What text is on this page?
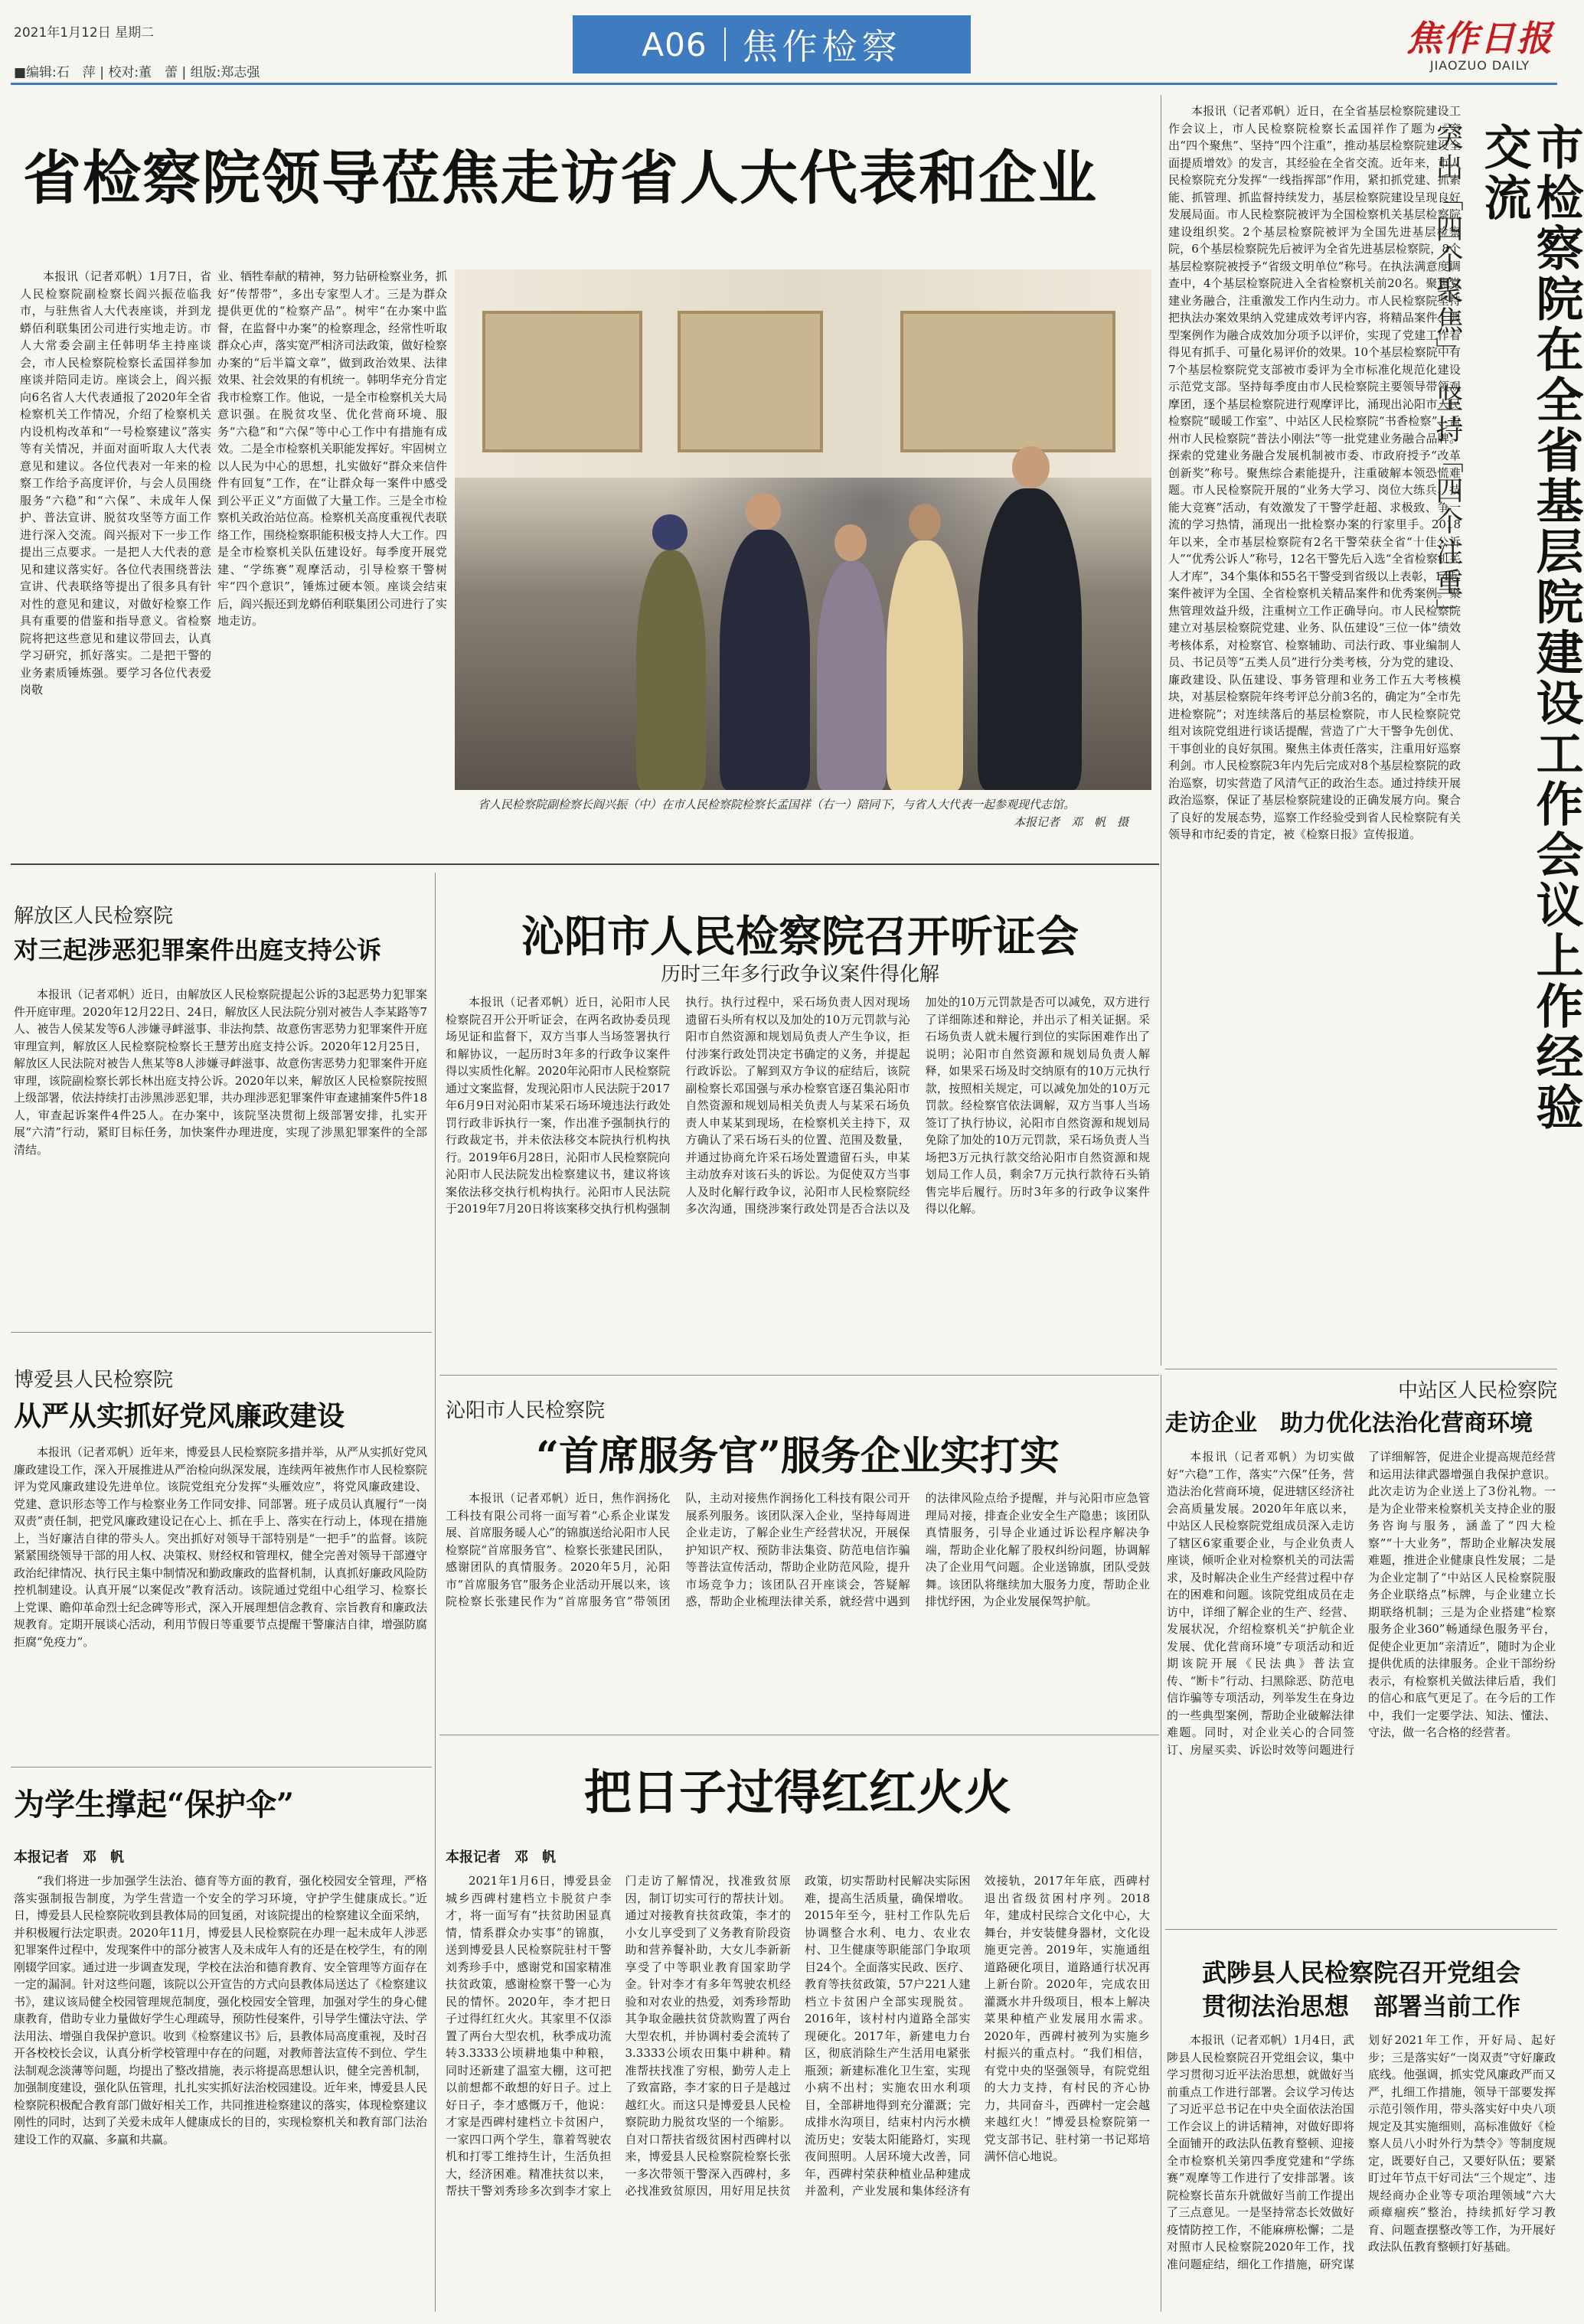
2021年1月12日 星期二
■编辑:石　萍 | 校对:董　蕾 | 组版:郑志强
A06 焦作检察	焦作日报
JIAOZUO DAILY
省检察院领导莅焦走访省人大代表和企业

本报讯（记者邓帆）1月7日，省人民检察院副检察长阎兴振莅临我市，与驻焦省人大代表座谈，并到龙蟒佰利联集团公司进行实地走访。市人大常委会副主任韩明华主持座谈会，市人民检察院检察长孟国祥参加座谈并陪同走访。座谈会上，阎兴振向6名省人大代表通报了2020年全省检察机关工作情况，介绍了检察机关内设机构改革和“一号检察建议”落实等有关情况，并面对面听取人大代表意见和建议。各位代表对一年来的检察工作给予高度评价，与会人员围绕服务“六稳”和“六保”、未成年人保护、普法宣讲、脱贫攻坚等方面工作进行深入交流。阎兴振对下一步工作提出三点要求。一是把人大代表的意见和建议落实好。各位代表围绕普法宣讲、代表联络等提出了很多具有针对性的意见和建议，对做好检察工作具有重要的借鉴和指导意义。省检察院将把这些意见和建议带回去，认真学习研究，抓好落实。二是把干警的业务素质锤炼强。要学习各位代表爱岗敬

业、牺牲奉献的精神，努力钻研检察业务，抓好“传帮带”，多出专家型人才。三是为群众提供更优的“检察产品”。树牢“在办案中监督，在监督中办案”的检察理念，经常性听取群众心声，落实宽严相济司法政策，做好检察办案的“后半篇文章”，做到政治效果、法律效果、社会效果的有机统一。韩明华充分肯定我市检察工作。他说，一是全市检察机关大局意识强。在脱贫攻坚、优化营商环境、服务“六稳”和“六保”等中心工作中有措施有成效。二是全市检察机关职能发挥好。牢固树立以人民为中心的思想，扎实做好“群众来信件件有回复”工作，在“让群众每一案件中感受到公平正义”方面做了大量工作。三是全市检察机关政治站位高。检察机关高度重视代表联络工作，围绕检察职能积极支持人大工作。四是全市检察机关队伍建设好。每季度开展党建、“学练赛”观摩活动，引导检察干警树牢“四个意识”，锤炼过硬本领。座谈会结束后，阎兴振还到龙蟒佰利联集团公司进行了实地走访。

省人民检察院副检察长阎兴振（中）在市人民检察院检察长孟国祥（右一）陪同下，与省人大代表一起参观现代志馆。
本报记者　邓　帆　摄

本报讯（记者邓帆）近日，在全省基层检察院建设工作会议上，市人民检察院检察长孟国祥作了题为《突出“四个聚焦”、坚持“四个注重”，推动基层检察院建设全面提质增效》的发言，其经验在全省交流。近年来，市人民检察院充分发挥“一线指挥部”作用，紧扣抓党建、抓素能、抓管理、抓监督持续发力，基层检察院建设呈现良好发展局面。市人民检察院被评为全国检察机关基层检察院建设组织奖。2个基层检察院被评为全国先进基层检察院，6个基层检察院先后被评为全省先进基层检察院，8个基层检察院被授予“省级文明单位”称号。在执法满意度调查中，4个基层检察院进入全省检察机关前20名。聚焦党建业务融合，注重激发工作内生动力。市人民检察院坚持把执法办案效果纳入党建成效考评内容，将精品案件、典型案例作为融合成效加分项予以评价，实现了党建工作看得见有抓手、可量化易评价的效果。10个基层检察院中有7个基层检察院党支部被市委评为全市标准化规范化建设示范党支部。坚持每季度由市人民检察院主要领导带领观摩团，逐个基层检察院进行观摩评比，涌现出沁阳市人民检察院“暖暖工作室”、中站区人民检察院“书香检察”、孟州市人民检察院“普法小刚法”等一批党建业务融合品牌。探索的党建业务融合发展机制被市委、市政府授予“改革创新奖”称号。聚焦综合素能提升，注重破解本领恐慌难题。市人民检察院开展的“业务大学习、岗位大练兵、技能大竞赛”活动，有效激发了干警学赶超、求极致、争一流的学习热情，涌现出一批检察办案的行家里手。2018年以来，全市基层检察院有2名干警荣获全省“十佳公诉人”“优秀公诉人”称号，12名干警先后入选“全省检察机关人才库”，34个集体和55名干警受到省级以上表彰，14起案件被评为全国、全省检察机关精品案件和优秀案例。聚焦管理效益升级，注重树立工作正确导向。市人民检察院建立对基层检察院党建、业务、队伍建设“三位一体”绩效考核体系，对检察官、检察辅助、司法行政、事业编制人员、书记员等“五类人员”进行分类考核，分为党的建设、廉政建设、队伍建设、事务管理和业务工作五大考核模块，对基层检察院年终考评总分前3名的，确定为“全市先进检察院”；对连续落后的基层检察院，市人民检察院党组对该院党组进行谈话提醒，营造了广大干警争先创优、干事创业的良好氛围。聚焦主体责任落实，注重用好巡察利剑。市人民检察院3年内先后完成对8个基层检察院的政治巡察，切实营造了风清气正的政治生态。通过持续开展政治巡察，保证了基层检察院建设的正确发展方向。聚合了良好的发展态势，巡察工作经验受到省人民检察院有关领导和市纪委的肯定，被《检察日报》宣传报道。	市检察院在全省基层院建设工作会议上作经验交流
突出「四个聚焦」　坚持「四个注重」
解放区人民检察院
对三起涉恶犯罪案件出庭支持公诉

本报讯（记者邓帆）近日，由解放区人民检察院提起公诉的3起恶势力犯罪案件开庭审理。2020年12月22日、24日，解放区人民法院分别对被告人李某路等7人、被告人侯某发等6人涉嫌寻衅滋事、非法拘禁、故意伤害恶势力犯罪案件开庭审理宣判，解放区人民检察院检察长王慧芳出庭支持公诉。2020年12月25日，解放区人民法院对被告人焦某等8人涉嫌寻衅滋事、故意伤害恶势力犯罪案件开庭审理，该院副检察长郭长林出庭支持公诉。2020年以来，解放区人民检察院按照上级部署，依法持续打击涉黑涉恶犯罪，共办理涉恶犯罪案件审查逮捕案件5件18人，审查起诉案件4件25人。在办案中，该院坚决贯彻上级部署安排，扎实开展“六清”行动，紧盯目标任务，加快案件办理进度，实现了涉黑犯罪案件的全部清结。

沁阳市人民检察院召开听证会
历时三年多行政争议案件得化解

本报讯（记者邓帆）近日，沁阳市人民检察院召开公开听证会，在两名政协委员现场见证和监督下，双方当事人当场签署执行和解协议，一起历时3年多的行政争议案件得以实质性化解。2020年沁阳市人民检察院通过文案监督，发现沁阳市人民法院于2017年6月9日对沁阳市某采石场环境违法行政处罚行政非诉执行一案，作出准予强制执行的行政裁定书，并未依法移交本院执行机构执行。2019年6月28日，沁阳市人民检察院向沁阳市人民法院发出检察建议书，建议将该案依法移交执行机构执行。沁阳市人民法院于2019年7月20日将该案移交执行机构强制执行。执行过程中，采石场负责人因对现场遗留石头所有权以及加处的10万元罚款与沁阳市自然资源和规划局负责人产生争议，拒付涉案行政处罚决定书确定的义务，并提起行政诉讼。了解到双方争议的症结后，该院副检察长邓国强与承办检察官逐召集沁阳市自然资源和规划局相关负责人与某采石场负责人申某某到现场，在检察机关主持下，双方确认了采石场石头的位置、范围及数量，并通过协商允许采石场处置遗留石头，申某主动放弃对该石头的诉讼。为促使双方当事人及时化解行政争议，沁阳市人民检察院经多次沟通，围绕涉案行政处罚是否合法以及加处的10万元罚款是否可以减免，双方进行了详细陈述和辩论，并出示了相关证据。采石场负责人就未履行到位的实际困难作出了说明；沁阳市自然资源和规划局负责人解释，如果采石场及时交纳原有的10万元执行款，按照相关规定，可以减免加处的10万元罚款。经检察官依法调解，双方当事人当场签订了执行协议，沁阳市自然资源和规划局免除了加处的10万元罚款，采石场负责人当场把3万元执行款交给沁阳市自然资源和规划局工作人员，剩余7万元执行款待石头销售完毕后履行。历时3年多的行政争议案件得以化解。

博爱县人民检察院
从严从实抓好党风廉政建设

本报讯（记者邓帆）近年来，博爱县人民检察院多措并举，从严从实抓好党风廉政建设工作，深入开展推进从严治检向纵深发展，连续两年被焦作市人民检察院评为党风廉政建设先进单位。该院党组充分发挥“头雁效应”，将党风廉政建设、党建、意识形态等工作与检察业务工作同安排、同部署。班子成员认真履行“一岗双责”责任制，把党风廉政建设记在心上、抓在手上、落实在行动上，体现在措施上，当好廉洁自律的带头人。突出抓好对领导干部特别是“一把手”的监督。该院紧紧围绕领导干部的用人权、决策权、财经权和管理权，健全完善对领导干部遵守政治纪律情况、执行民主集中制情况和勤政廉政的监督机制，认真抓好廉政风险防控机制建设。认真开展“以案促改”教育活动。该院通过党组中心组学习、检察长上党课、瞻仰革命烈士纪念碑等形式，深入开展理想信念教育、宗旨教育和廉政法规教育。定期开展谈心活动，利用节假日等重要节点提醒干警廉洁自律，增强防腐拒腐“免疫力”。

沁阳市人民检察院
“首席服务官”服务企业实打实

本报讯（记者邓帆）近日，焦作润扬化工科技有限公司将一面写着“心系企业谋发展、首席服务暖人心”的锦旗送给沁阳市人民检察院“首席服务官”、检察长张建民团队，感谢团队的真情服务。2020年5月，沁阳市“首席服务官”服务企业活动开展以来，该院检察长张建民作为“首席服务官”带领团队，主动对接焦作润扬化工科技有限公司开展系列服务。该团队深入企业，坚持每周进企业走访，了解企业生产经营状况，开展保护知识产权、预防非法集资、防范电信诈骗等普法宣传活动，帮助企业防范风险，提升市场竞争力；该团队召开座谈会，答疑解惑，帮助企业梳理法律关系，就经营中遇到的法律风险点给予提醒，并与沁阳市应急管理局对接，排查企业安全生产隐患；该团队真情服务，引导企业通过诉讼程序解决争端，帮助企业化解了股权纠纷问题，协调解决了企业用气问题。企业送锦旗，团队受鼓舞。该团队将继续加大服务力度，帮助企业排忧纾困，为企业发展保驾护航。

中站区人民检察院
走访企业　助力优化法治化营商环境

本报讯（记者邓帆）为切实做好“六稳”工作，落实“六保”任务，营造法治化营商环境，促进辖区经济社会高质量发展。2020年年底以来，中站区人民检察院党组成员深入走访了辖区6家重要企业，与企业负责人座谈，倾听企业对检察机关的司法需求，及时解决企业生产经营过程中存在的困难和问题。该院党组成员在走访中，详细了解企业的生产、经营、发展状况，介绍检察机关“护航企业发展、优化营商环境”专项活动和近期该院开展《民法典》普法宣传、“断卡”行动、扫黑除恶、防范电信诈骗等专项活动，列举发生在身边的一些典型案例，帮助企业破解法律难题。同时，对企业关心的合同签订、房屋买卖、诉讼时效等问题进行了详细解答，促进企业提高规范经营和运用法律武器增强自我保护意识。此次走访为企业送上了3份礼物。一是为企业带来检察机关支持企业的服务咨询与服务，涵盖了“四大检察”“十大业务”，帮助企业解决发展难题，推进企业健康良性发展；二是为企业定制了“中站区人民检察院服务企业联络点”标牌，与企业建立长期联络机制；三是为企业搭建“检察服务企业360”畅通绿色服务平台，促使企业更加“亲清近”，随时为企业提供优质的法律服务。企业干部纷纷表示，有检察机关做法律后盾，我们的信心和底气更足了。在今后的工作中，我们一定要学法、知法、懂法、守法，做一名合格的经营者。

武陟县人民检察院召开党组会
贯彻法治思想　部署当前工作

本报讯（记者邓帆）1月4日，武陟县人民检察院召开党组会议，集中学习贯彻习近平法治思想，就做好当前重点工作进行部署。会议学习传达了习近平总书记在中央全面依法治国工作会议上的讲话精神，对做好即将全面铺开的政法队伍教育整顿、迎接全市检察机关第四季度党建和“学练赛”观摩等工作进行了安排部署。该院检察长苗东升就做好当前工作提出了三点意见。一是坚持常态长效做好疫情防控工作，不能麻痹松懈；二是对照市人民检察院2020年工作，找准问题症结，细化工作措施，研究谋划好2021年工作，开好局、起好步；三是落实好“一岗双责”守好廉政底线。他强调，抓实党风廉政严而又严，扎细工作措施，领导干部要发挥示范引领作用，带头落实好中央八项规定及其实施细则，高标准做好《检察人员八小时外行为禁令》等制度规定，既要好自己，又要好队伍；要紧盯过年节点干好司法“三个规定”、违规经商办企业等专项治理领域“六大顽瘴痼疾”整治，持续抓好学习教育、问题查摆整改等工作，为开展好政法队伍教育整顿打好基础。

为学生撑起“保护伞”
本报记者　邓　帆

“我们将进一步加强学生法治、德育等方面的教育，强化校园安全管理，严格落实强制报告制度，为学生营造一个安全的学习环境，守护学生健康成长。”近日，博爱县人民检察院收到县教体局的回复函，对该院提出的检察建议全面采纳，并积极履行法定职责。2020年11月，博爱县人民检察院在办理一起未成年人涉恶犯罪案件过程中，发现案件中的部分被害人及未成年人有的还是在校学生，有的刚刚辍学回家。通过进一步调查发现，学校在法治和德育教育、安全管理等方面存在一定的漏洞。针对这些问题，该院以公开宣告的方式向县教体局送达了《检察建议书》，建议该局健全校园管理规范制度，强化校园安全管理，加强对学生的身心健康教育，借助专业力量做好学生心理疏导，预防性侵案件，引导学生懂法守法、学法用法、增强自我保护意识。收到《检察建议书》后，县教体局高度重视，及时召开各校校长会议，认真分析学校管理中存在的问题，对教师普法宣传不到位、学生法制观念淡薄等问题，均提出了整改措施，表示将提高思想认识，健全完善机制，加强制度建设，强化队伍管理，扎扎实实抓好法治校园建设。近年来，博爱县人民检察院积极配合教育部门做好相关工作，共同推进检察建议的落实，体现检察建议刚性的同时，达到了关爱未成年人健康成长的目的，实现检察机关和教育部门法治建设工作的双赢、多赢和共赢。

把日子过得红红火火
本报记者　邓　帆

2021年1月6日，博爱县金城乡西碑村建档立卡脱贫户李才，将一面写有“扶贫助困显真情，情系群众办实事”的锦旗，送到博爱县人民检察院驻村干警刘秀珍手中，感谢党和国家精准扶贫政策，感谢检察干警一心为民的情怀。2020年，李才把日子过得红红火火。其家里不仅添置了两台大型农机，秋季成功流转3.3333公顷耕地集中种粮，同时还新建了温室大棚，这可把以前想都不敢想的好日子。过上好日子，李才感慨万千，他说：才家是西碑村建档立卡贫困户，一家四口两个学生，靠着驾驶农机和打零工维持生计，生活负担大，经济困难。精准扶贫以来，帮扶干警刘秀珍多次到李才家上门走访了解情况，找准致贫原因，制订切实可行的帮扶计划。通过对接教育扶贫政策，李才的小女儿享受到了义务教育阶段资助和营养餐补助，大女儿李新新享受了中等职业教育国家助学金。针对李才有多年驾驶农机经验和对农业的热爱，刘秀珍帮助其争取金融扶贫贷款购置了两台大型农机，并协调村委会流转了3.3333公顷农田集中耕种。精准帮扶找准了穷根，勤劳人走上了致富路，李才家的日子是越过越红火。而这只是博爱县人民检察院助力脱贫攻坚的一个缩影。自对口帮扶省级贫困村西碑村以来，博爱县人民检察院检察长张一多次带领干警深入西碑村，多必找准致贫原因，用好用足扶贫政策，切实帮助村民解决实际困难，提高生活质量，确保增收。2015年至今，驻村工作队先后协调整合水利、电力、农业农村、卫生健康等职能部门争取项目24个。全面落实民政、医疗、教育等扶贫政策，57户221人建档立卡贫困户全部实现脱贫。2016年，该村村内道路全部实现硬化。2017年，新建电力台区，彻底消除生产生活用电紧张瓶颈；新建标准化卫生室，实现小病不出村；实施农田水利项目，全部耕地得到充分灌溉；完成排水沟项目，结束村内污水横流历史；安装太阳能路灯，实现夜间照明。人居环境大改善，同年，西碑村荣获种植业品种建成并盈利，产业发展和集体经济有效接轨，2017年年底，西碑村退出省级贫困村序列。2018年，建成村民综合文化中心，大舞台，并安装健身器材，文化设施更完善。2019年，实施通组道路硬化项目，道路通行状况再上新台阶。2020年，完成农田灌溉水井升级项目，根本上解决菜果种植产业发展用水需求。2020年，西碑村被列为实施乡村振兴的重点村。“我们相信，有党中央的坚强领导，有院党组的大力支持，有村民的齐心协力，共同奋斗，西碑村一定会越来越红火！”博爱县检察院第一党支部书记、驻村第一书记郑培满怀信心地说。
